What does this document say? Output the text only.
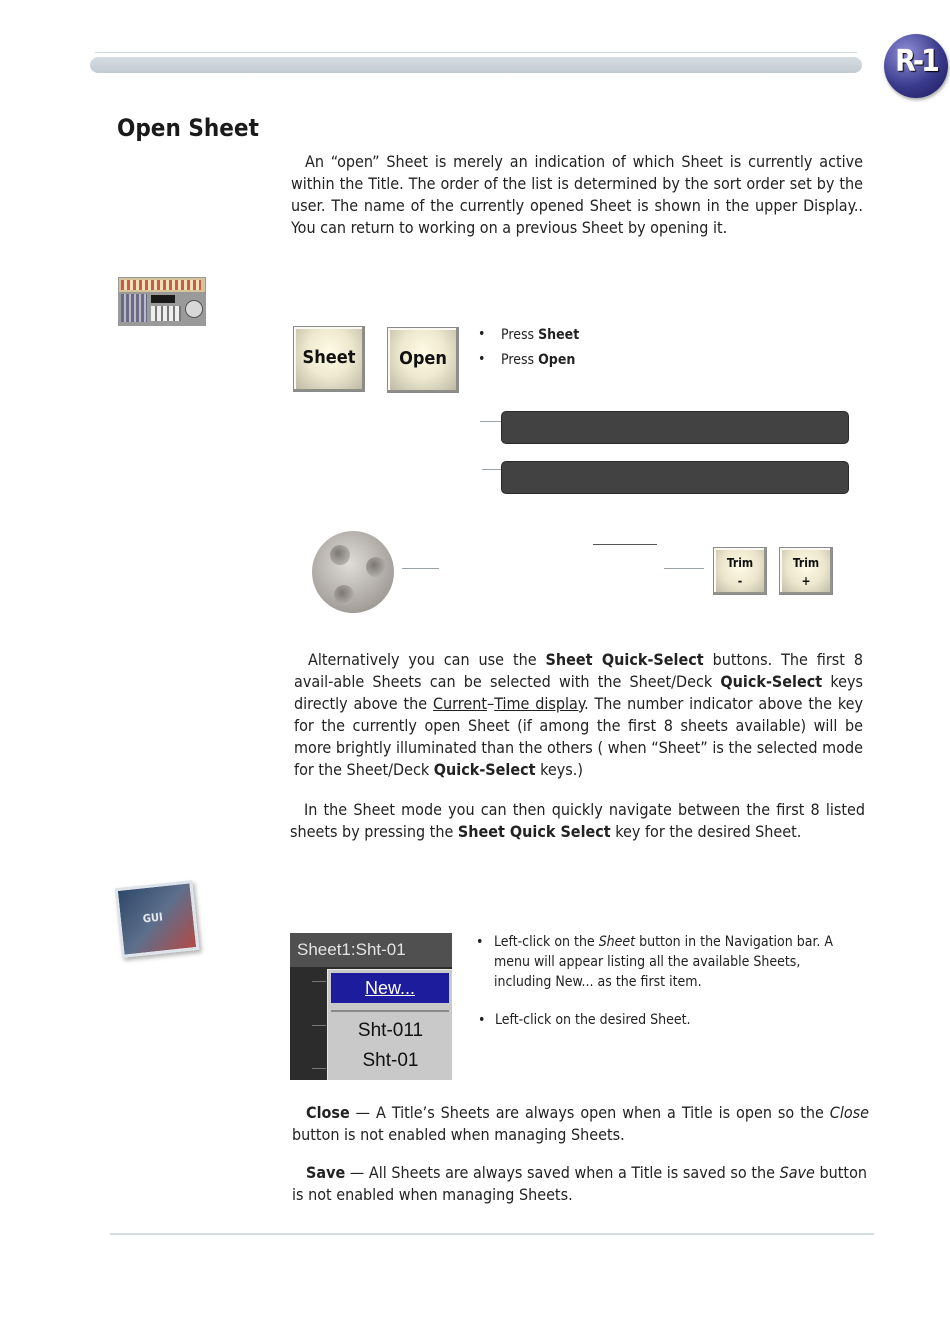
R-1
Open Sheet

An “open” Sheet is merely an indication of which Sheet is currently active within the Title. The order of the list is determined by the sort order set by the user. The name of the currently opened Sheet is shown in the upper Display.. You can return to working on a previous Sheet by opening it.

Sheet	Open
• Press Sheet
• Press Open
Trim
-
Trim
+

Alternatively you can use the Sheet Quick-Select buttons. The first 8 avail-able Sheets can be selected with the Sheet/Deck Quick-Select keys directly above the Current–Time display. The number indicator above the key for the currently open Sheet (if among the first 8 sheets available) will be more brightly illuminated than the others ( when “Sheet” is the selected mode for the Sheet/Deck Quick-Select keys.)

In the Sheet mode you can then quickly navigate between the first 8 listed sheets by pressing the Sheet Quick Select key for the desired Sheet.

GUI
Sheet1:Sht-01
New...
Sht-011
Sht-01
• Left-click on the Sheet button in the Navigation bar. A menu will appear listing all the available Sheets, including New... as the first item.
• Left-click on the desired Sheet.

Close — A Title’s Sheets are always open when a Title is open so the Close button is not enabled when managing Sheets.

Save — All Sheets are always saved when a Title is saved so the Save button is not enabled when managing Sheets.
